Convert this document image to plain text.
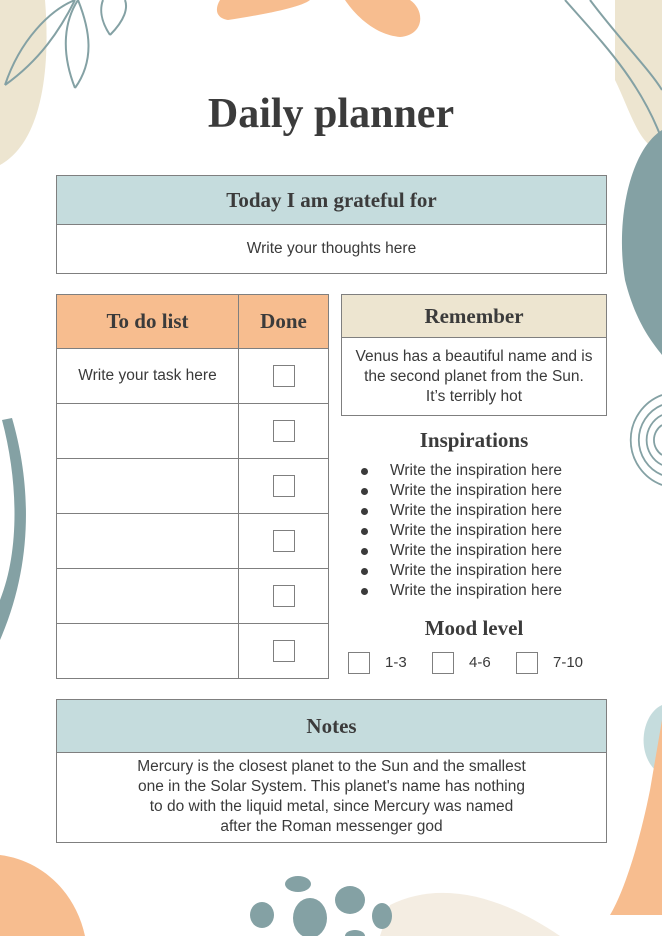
Daily planner
Today I am grateful for
Write your thoughts here
To do list	Done
Write your task here	

Remember
Venus has a beautiful name and is the second planet from the Sun. It’s terribly hot
Inspirations
Write the inspiration here
Write the inspiration here
Write the inspiration here
Write the inspiration here
Write the inspiration here
Write the inspiration here
Write the inspiration here
Mood level
1-3	4-6	7-10
Notes
Mercury is the closest planet to the Sun and the smallest one in the Solar System. This planet's name has nothing to do with the liquid metal, since Mercury was named after the Roman messenger god
